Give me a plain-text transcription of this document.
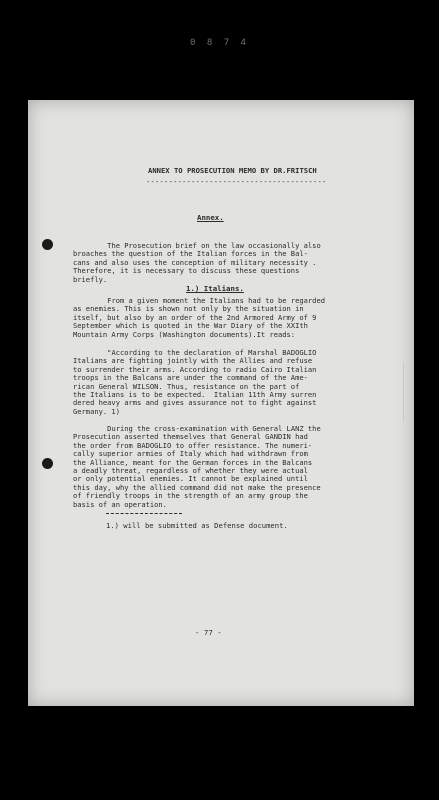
0 8 7 4
ANNEX TO PROSECUTION MEMO BY DR.FRITSCH
----------------------------------------
Annex.
The Prosecution brief on the law occasionally also
broaches the question of the Italian forces in the Bal-
cans and also uses the conception of military necessity .
Therefore, it is necessary to discuss these questions
briefly.
1.) Italians.
From a given moment the Italians had to be regarded
as enemies. This is shown not only by the situation in
itself, but also by an order of the 2nd Armored Army of 9
September which is quoted in the War Diary of the XXIth
Mountain Army Corps (Washington documents).It reads:
"According to the declaration of Marshal BADOGLIO
Italians are fighting jointly with the Allies and refuse
to surrender their arms. According to radio Cairo Italian
troops in the Balcans are under the command of the Ame-
rican General WILSON. Thus, resistance on the part of
the Italians is to be expected.  Italian 11th Army surren
dered heavy arms and gives assurance not to fight against
Germany. 1)
During the cross-examination with General LANZ the
Prosecution asserted themselves that General GANDIN had
the order from BADOGLIO to offer resistance. The numeri-
cally superior armies of Italy which had withdrawn from
the Alliance, meant for the German forces in the Balcans
a deadly threat, regardless of whether they were actual
or only potential enemies. It cannot be explained until
this day, why the allied command did not make the presence
of friendly troops in the strength of an army group the
basis of an operation.
1.) will be submitted as Defense document.
- 77 -
